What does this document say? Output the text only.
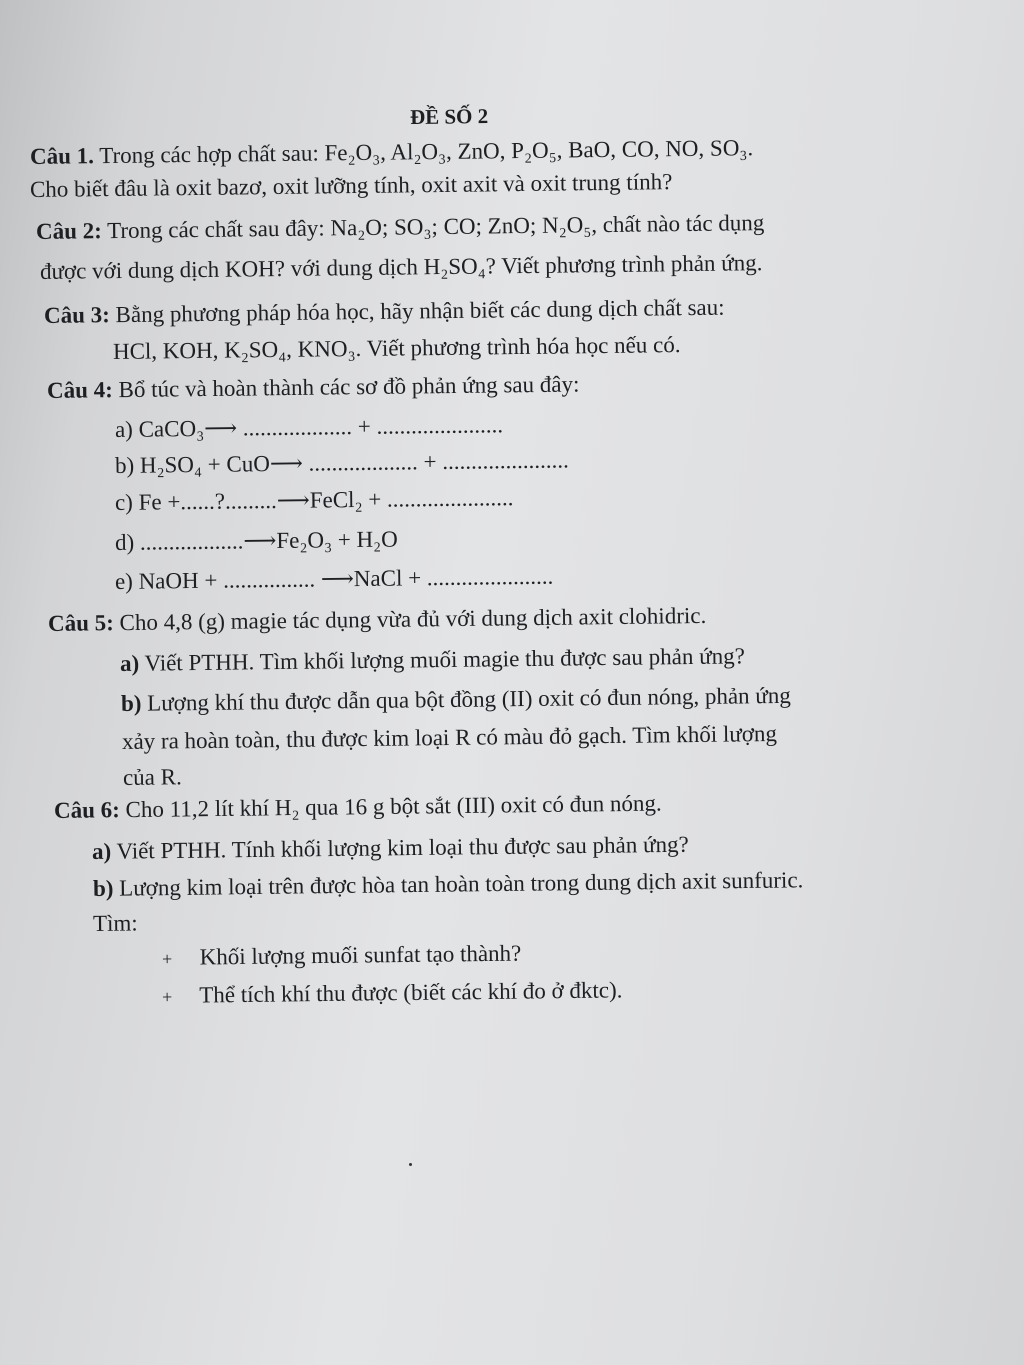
ĐỀ SỐ 2
Câu 1. Trong các hợp chất sau: Fe₂O₃, Al₂O₃, ZnO, P₂O₅, BaO, CO, NO, SO₃.
Cho biết đâu là oxit bazơ, oxit lưỡng tính, oxit axit và oxit trung tính?
Câu 2: Trong các chất sau đây: Na₂O; SO₃; CO; ZnO; N₂O₅, chất nào tác dụng
được với dung dịch KOH? với dung dịch H₂SO₄? Viết phương trình phản ứng.
Câu 3: Bằng phương pháp hóa học, hãy nhận biết các dung dịch chất sau:
HCl, KOH, K₂SO₄, KNO₃. Viết phương trình hóa học nếu có.
Câu 4: Bổ túc và hoàn thành các sơ đồ phản ứng sau đây:
a) CaCO₃⟶ ................... + ......................
b) H₂SO₄ + CuO⟶ ................... + ......................
c) Fe +......?.........⟶FeCl₂ + ......................
d) ..................⟶Fe₂O₃ + H₂O
e) NaOH + ................ ⟶NaCl + ......................
Câu 5: Cho 4,8 (g) magie tác dụng vừa đủ với dung dịch axit clohidric.
a) Viết PTHH. Tìm khối lượng muối magie thu được sau phản ứng?
b) Lượng khí thu được dẫn qua bột đồng (II) oxit có đun nóng, phản ứng
xảy ra hoàn toàn, thu được kim loại R có màu đỏ gạch. Tìm khối lượng
của R.
Câu 6: Cho 11,2 lít khí H₂ qua 16 g bột sắt (III) oxit có đun nóng.
a) Viết PTHH. Tính khối lượng kim loại thu được sau phản ứng?
b) Lượng kim loại trên được hòa tan hoàn toàn trong dung dịch axit sunfuric.
Tìm:
+ Khối lượng muối sunfat tạo thành?
+ Thể tích khí thu được (biết các khí đo ở đktc).
